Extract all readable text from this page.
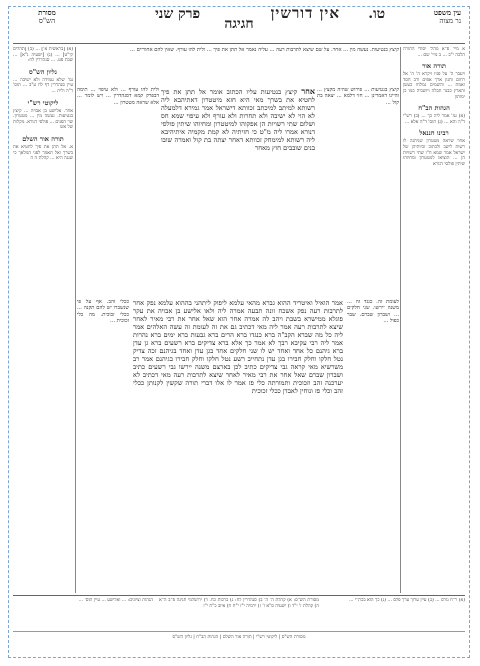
עין משפט
נר מצוה
טו. אין דורשין  פרק שני  חגיגה
מסורת
הש"ס
א מיי' פ"א מהל' יסודי התורה הלכה י"ב ... ב מיי' שם ...
תורה אור
ויעבר ה' על פניו ויקרא ה' ה' אל רחום וחנון ארך אפים ורב חסד ואמת ... והשמים נמלחו כעשן והארץ כבגד תבלה ויושביה כמו כן ימותון
הגהות הב"ח
(א) גמ' אמר ליה כך ... (ב) רש"י ד"ה והא ... (ג) תוס' ד"ה אלא ...
רבינו חננאל
אחר שראה מטטרון שניתנה לו רשות לישב ולכתוב זכיותיהן של ישראל אמר שמא ח"ו שתי רשויות הן ... הוציאו למטטרון ומחיוהו שיתין פולסי דנורא
(א) [בראשית א'] ... (ב) [תהלים קי"ט] ... (ג) [ישעיה נ"א] ... שבת פט. ... סנהדרין לח:
גליון הש"ס
גמ' שלא עמידה ולא ישיבה ... עיין סנהדרין דף לח ע"ב ... תוס' ד"ה ולית ...
ליקוטי רש"י
אחר. אלישע בן אבויה ... קיצץ בנטיעות. נעשה מין ... מטטרון. שר הפנים ... פולסי דנורא. מקלות של אש
תורה אור השלם
א. אל תתן את פיך לחטיא את בשרך ואל תאמר לפני המלאך כי שגגה היא ... קהלת ה ה
קיצץ בנטיעות. נעשה מין ... אחר. על שם שיצא לתרבות רעה ... עליה נאמר אל תתן את פיך ... ולית להו עורף. שאין להם אחוריים ...
קיצץ בנטיעות ... פירוש שהיה מקצץ ... והיינו דאמרינן ... חזי דלמא ... יצאה בת קול ...
ולית להו עורף ... ולא עיפוי ... תימה דבפרק קמא דסנהדרין ... ויש לומר ... אלא שראה מטטרון ...
אחר קיצץ בנטיעות עליו הכתוב אומר אל תתן את פיך לחטיא את בשרך מאי היא חזא מיטטרון דאתיהבא ליה רשותא למיתב למיכתב זכוותא דישראל אמר גמירא דלמעלה לא הוי לא ישיבה ולא תחרות ולא עורף ולא עיפוי שמא חס ושלום שתי רשויות הן אפקוהו למיטטרון ומחיוהו שיתין פולסי דנורא אמרו ליה מ"ט כי חזיתיה לא קמת מקמיה איתיהיבא ליה רשותא למימחק זכוותא דאחר יצתה בת קול ואמרה שובו בנים שובבים חוץ מאחר
לעומת זה. כנגד זה ... משנה יירשו. שני חלקים ... ושברון שברם. שבר כפול ...
ככלי זהב. אף על פי שנשברו יש להם תקנה ... ככלי זכוכית. מה כלי זכוכית ...
אמר הואיל ואיטריד ההוא גברא מהאי עלמא ליפוק ליתהני בההוא עלמא נפק אחר לתרבות רעה נפק אשכח זונה תבעה אמרה ליה ולאו אלישע בן אבויה את עקר פוגלא ממישרא בשבת ויהב לה אמרה אחר הוא שאל אחר את רבי מאיר לאחר שיצא לתרבות רעה אמר ליה מאי דכתיב גם את זה לעומת זה עשה האלהים אמר ליה כל מה שברא הקב"ה ברא כנגדו ברא הרים ברא גבעות ברא ימים ברא נהרות אמר ליה רבי עקיבא רבך לא אמר כך אלא ברא צדיקים ברא רשעים ברא גן עדן ברא גיהנם כל אחד ואחד יש לו שני חלקים אחד בגן עדן ואחד בגיהנם זכה צדיק נטל חלקו וחלק חבירו בגן עדן נתחייב רשע נטל חלקו וחלק חבירו בגיהנם אמר רב משרשיא מאי קראה גבי צדיקים כתיב לכן בארצם משנה יירשו גבי רשעים כתיב ושברון שברם שאל אחר את רבי מאיר לאחר שיצא לתרבות רעה מאי דכתיב לא יערכנה זהב וזכוכית ותמורתה כלי פז אמר לו אלו דברי תורה שקשין לקנותן ככלי זהב וכלי פז ונוחין לאבדן ככלי זכוכית
(א) ר"ח גורס ... (ב) עיין ערוך ערך פלס ... (ג) כך הוא בכת"י ...
מסורת הש"ס: א) קהלת ה' ה' ב) סנהדרין לח: ג) ברכות כח. ד) ירושלמי חגיגה פ"ב ה"א ה) קהלת ז' י"ד ו) ישעיה ס"א ז' ז) ירמיה י"ז י"ח ח) איוב כ"ח י"ז
הגהות וציונים: ... ואלישע ... עיין תוס' ...
מסורת הש"ס | ליקוטי רש"י | תורה אור השלם | הגהות הב"ח | גליון הש"ס
